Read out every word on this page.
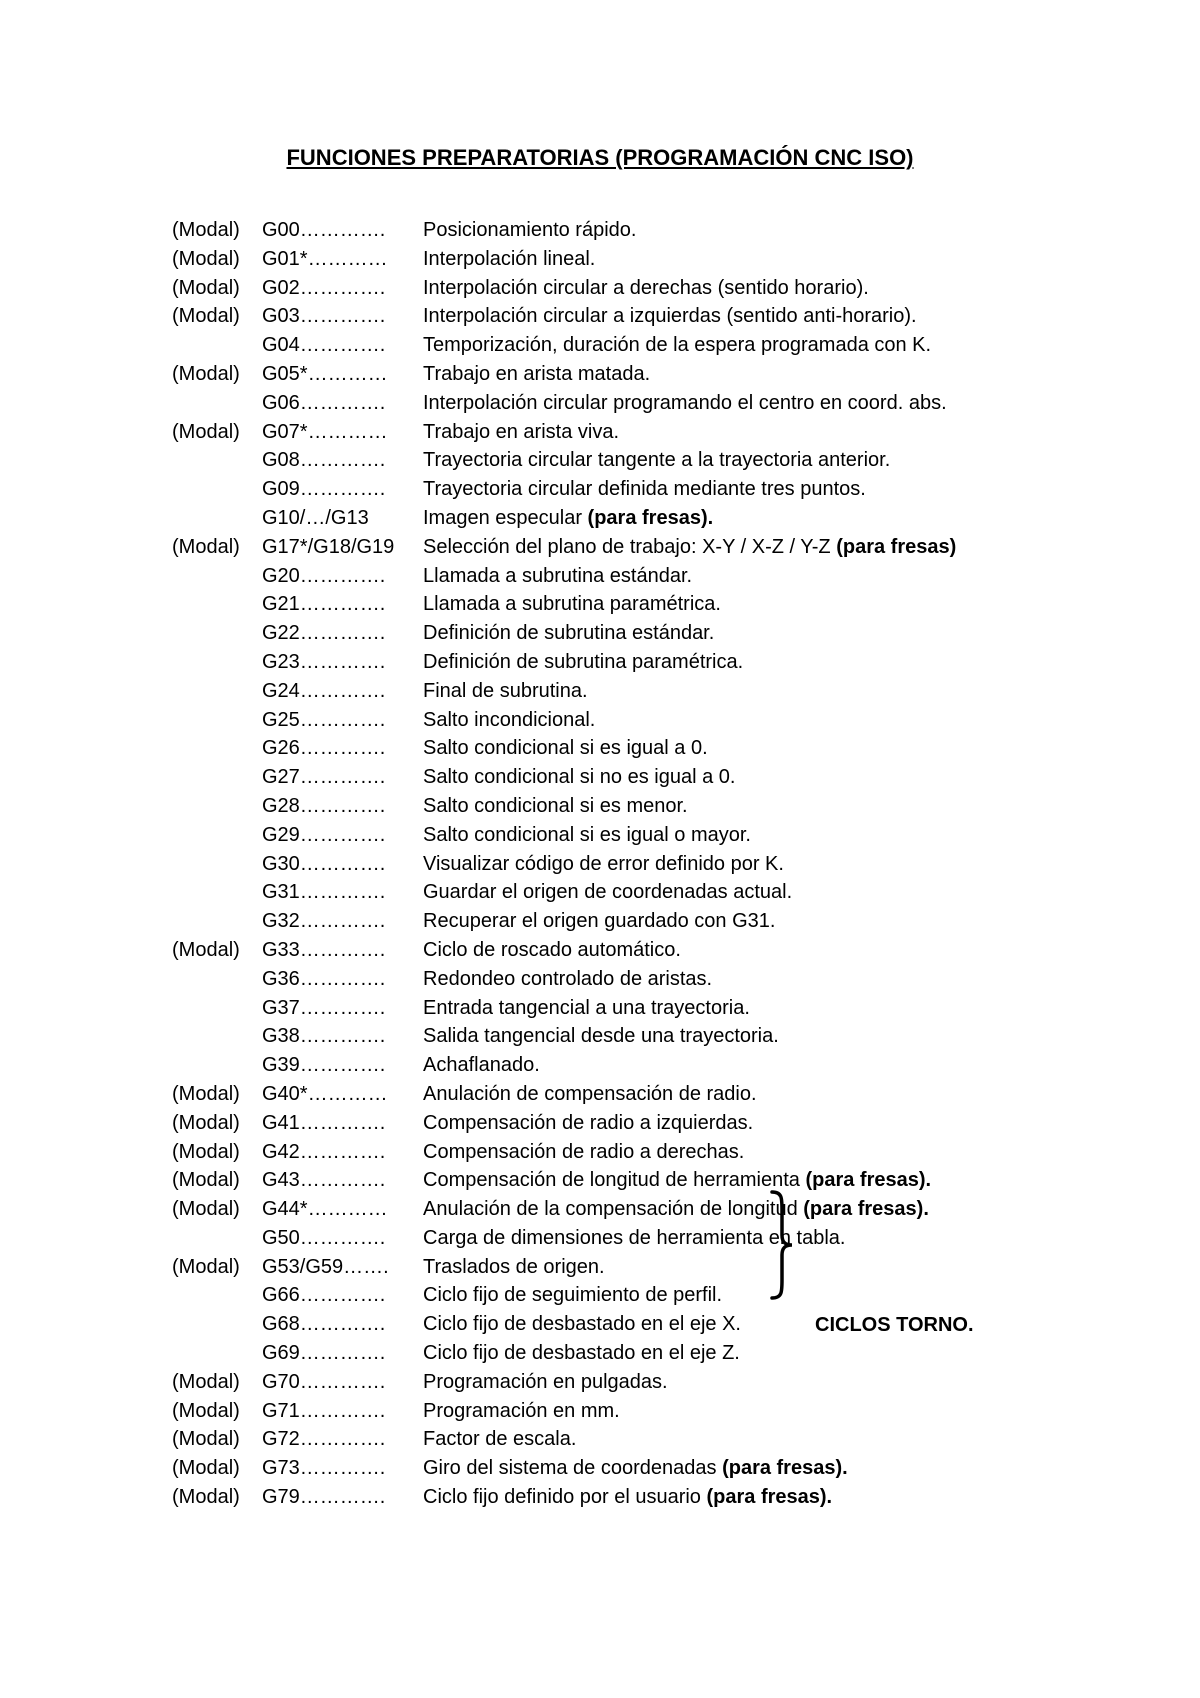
FUNCIONES PREPARATORIAS (PROGRAMACIÓN CNC ISO)
(Modal) G00…………. Posicionamiento rápido.
(Modal) G01*………… Interpolación lineal.
(Modal) G02…………. Interpolación circular a derechas (sentido horario).
(Modal) G03…………. Interpolación circular a izquierdas (sentido anti-horario).
G04…………. Temporización, duración de la espera programada con K.
(Modal) G05*………… Trabajo en arista matada.
G06…………. Interpolación circular programando el centro en coord. abs.
(Modal) G07*………… Trabajo en arista viva.
G08…………. Trayectoria circular tangente a la trayectoria anterior.
G09…………. Trayectoria circular definida mediante tres puntos.
G10/…/G13	Imagen especular (para fresas).
(Modal) G17*/G18/G19 Selección del plano de trabajo: X-Y / X-Z / Y-Z (para fresas)
G20…………. Llamada a subrutina estándar.
G21…………. Llamada a subrutina paramétrica.
G22…………. Definición de subrutina estándar.
G23…………. Definición de subrutina paramétrica.
G24…………. Final de subrutina.
G25…………. Salto incondicional.
G26…………. Salto condicional si es igual a 0.
G27…………. Salto condicional si no es igual a 0.
G28…………. Salto condicional si es menor.
G29…………. Salto condicional si es igual o mayor.
G30…………. Visualizar código de error definido por K.
G31…………. Guardar el origen de coordenadas actual.
G32…………. Recuperar el origen guardado con G31.
(Modal) G33…………. Ciclo de roscado automático.
G36…………. Redondeo controlado de aristas.
G37…………. Entrada tangencial a una trayectoria.
G38…………. Salida tangencial desde una trayectoria.
G39…………. Achaflanado.
(Modal) G40*………… Anulación de compensación de radio.
(Modal) G41…………. Compensación de radio a izquierdas.
(Modal) G42…………. Compensación de radio a derechas.
(Modal) G43…………. Compensación de longitud de herramienta (para fresas).
(Modal) G44*………… Anulación de la compensación de longitud (para fresas).
G50…………. Carga de dimensiones de herramienta en tabla.
(Modal) G53/G59……. Traslados de origen.
G66…………. Ciclo fijo de seguimiento de perfil.
G68…………. Ciclo fijo de desbastado en el eje X.
G69…………. Ciclo fijo de desbastado en el eje Z.
(Modal) G70…………. Programación en pulgadas.
(Modal) G71…………. Programación en mm.
(Modal) G72…………. Factor de escala.
(Modal) G73…………. Giro del sistema de coordenadas (para fresas).
(Modal) G79…………. Ciclo fijo definido por el usuario (para fresas).
CICLOS TORNO.
